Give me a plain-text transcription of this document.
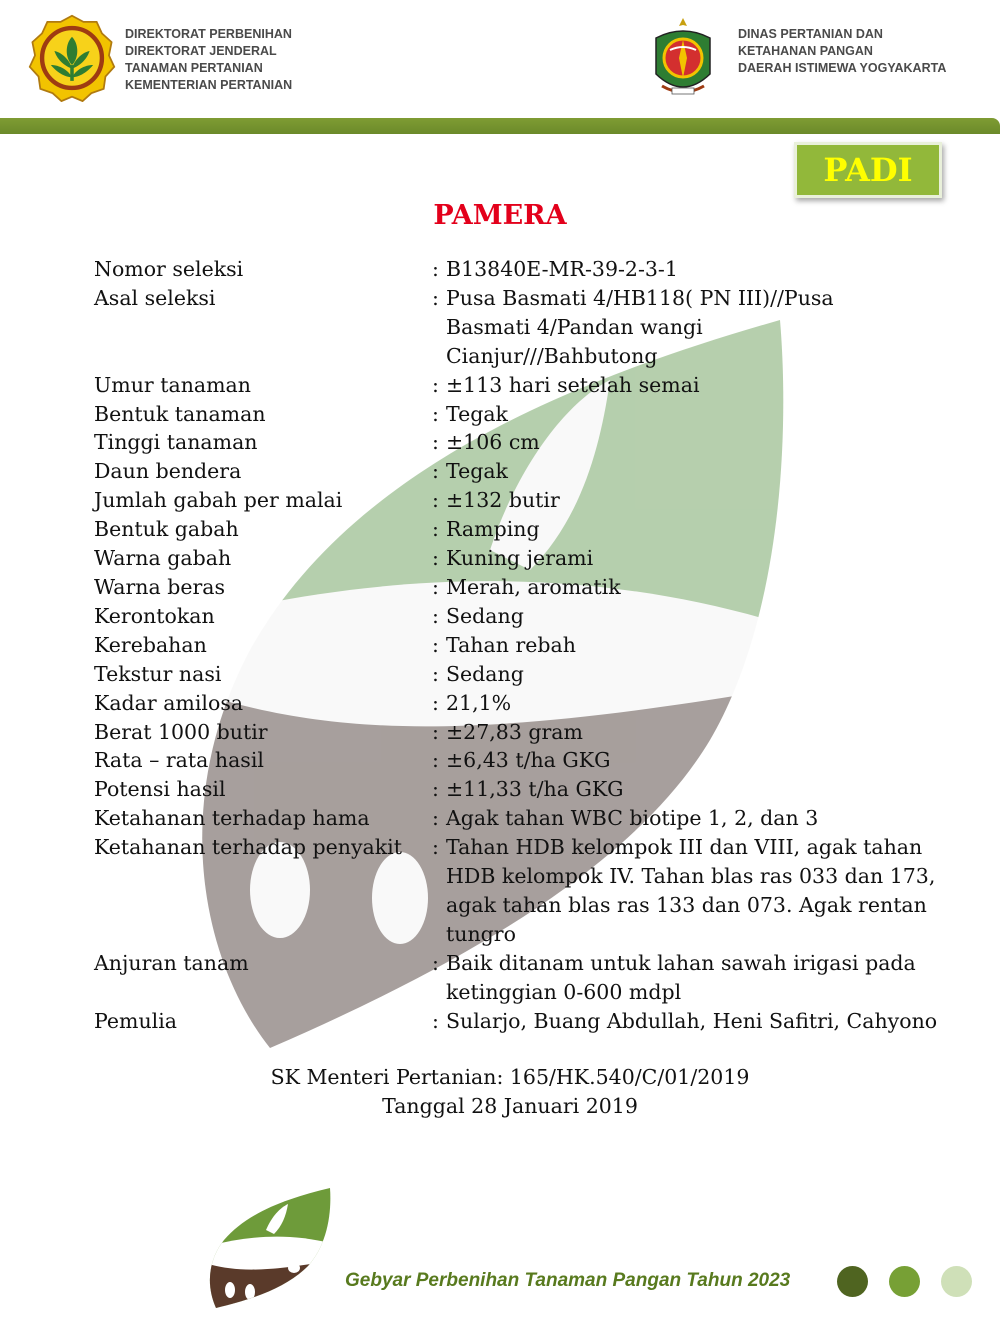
DIREKTORAT PERBENIHAN
DIREKTORAT JENDERAL
TANAMAN PERTANIAN
KEMENTERIAN PERTANIAN
DINAS PERTANIAN DAN
KETAHANAN PANGAN
DAERAH ISTIMEWA YOGYAKARTA
PADI
PAMERA
Nomor seleksi	: B13840E-MR-39-2-3-1
Asal seleksi	: Pusa Basmati 4/HB118( PN III)//Pusa Basmati 4/Pandan wangi Cianjur///Bahbutong
Umur tanaman	: ±113 hari setelah semai
Bentuk tanaman	: Tegak
Tinggi tanaman	: ±106 cm
Daun bendera	: Tegak
Jumlah gabah per malai	: ±132 butir
Bentuk gabah	: Ramping
Warna gabah	: Kuning jerami
Warna beras	: Merah, aromatik
Kerontokan	: Sedang
Kerebahan	: Tahan rebah
Tekstur nasi	: Sedang
Kadar amilosa	: 21,1%
Berat 1000 butir	: ±27,83 gram
Rata – rata hasil	: ±6,43 t/ha GKG
Potensi hasil	: ±11,33 t/ha GKG
Ketahanan terhadap hama	: Agak tahan WBC biotipe 1, 2, dan 3
Ketahanan terhadap penyakit	: Tahan HDB kelompok III dan VIII, agak tahan HDB kelompok IV. Tahan blas ras 033 dan 173, agak tahan blas ras 133 dan 073. Agak rentan tungro
Anjuran tanam	: Baik ditanam untuk lahan sawah irigasi pada ketinggian 0-600 mdpl
Pemulia	: Sularjo, Buang Abdullah, Heni Safitri, Cahyono
SK Menteri Pertanian: 165/HK.540/C/01/2019
Tanggal 28 Januari 2019
Gebyar Perbenihan Tanaman Pangan Tahun 2023
